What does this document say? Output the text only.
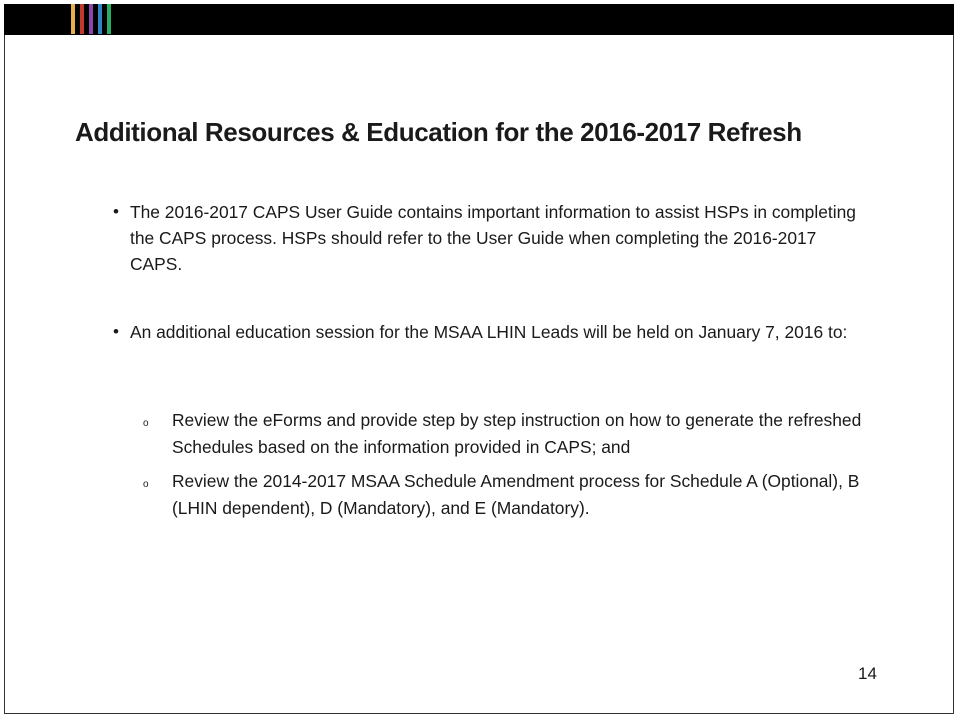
Additional Resources & Education for the 2016-2017 Refresh
• The 2016-2017 CAPS User Guide contains important information to assist HSPs in completing the CAPS process. HSPs should refer to the User Guide when completing the 2016-2017 CAPS.
• An additional education session for the MSAA LHIN Leads will be held on January 7, 2016 to:
o Review the eForms and provide step by step instruction on how to generate the refreshed Schedules based on the information provided in CAPS; and
o Review the 2014-2017 MSAA Schedule Amendment process for Schedule A (Optional), B (LHIN dependent), D (Mandatory), and E (Mandatory).
14
